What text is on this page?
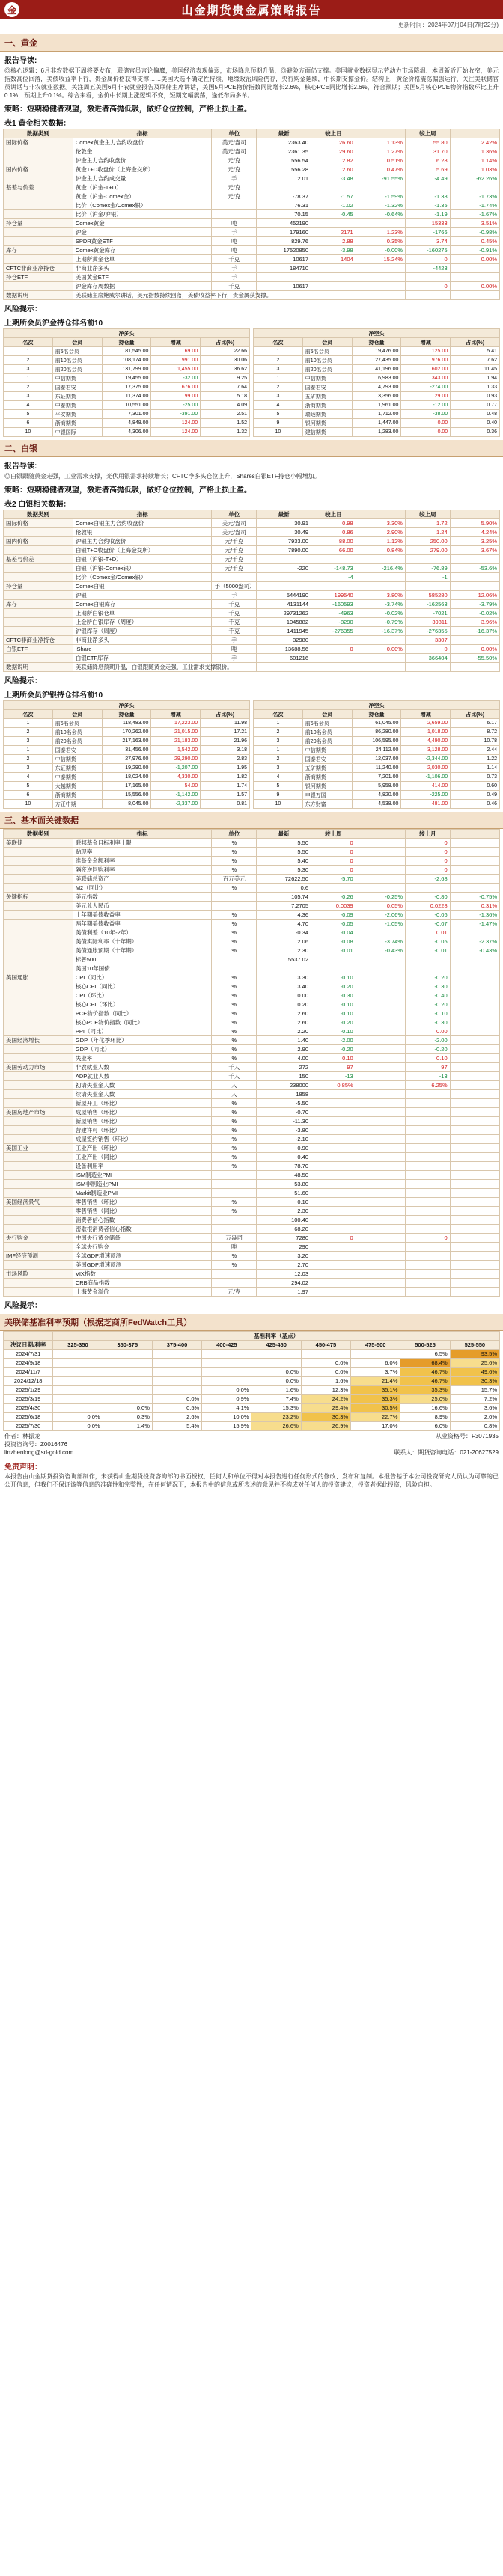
金	山金期货贵金属策略报告
更新时间：2024年07月04日(7时22分)
一、黄金
报告导读:
◎核心逻辑：6月非农数据下周将要发布，联储官员言论偏鹰，美国经济表现偏弱，市场降息预期升温，◎避险方面仍支撑。美国就业数据显示劳动力市场降温、本周新近开始收窄，美元指数高位回落，美债收益率下行，贵金属价格获得支撑……美国大选不确定性持续，地缘政治风险仍存，央行购金延续，中长期支撑金价。结构上，黄金价格震荡偏强运行，关注美联储官员讲话与非农就业数据。关注周五美国6月非农就业报告及联储主席讲话，美国5月PCE物价指数同比增长2.6%，核心PCE同比增长2.6%，符合预期；美国5月核心PCE物价指数环比上升0.1%，预期上升0.1%。综合来看，金价中长期上涨逻辑不变，短期宽幅震荡，逢低布局多单。
策略：短期稳健者观望，激进者高抛低吸，做好仓位控制，严格止损止盈。
表1 黄金相关数据：
数据类别	指标	单位	最新	较上日		较上周	
国际价格	Comex黄金主力合约收盘价	美元/盎司	2363.40	26.60	1.13%	55.80	2.42%
	伦敦金	美元/盎司	2361.35	29.60	1.27%	31.70	1.36%
	沪金主力合约收盘价	元/克	556.54	2.82	0.51%	6.28	1.14%
国内价格	黄金T+D收盘价（上海金交所）	元/克	556.28	2.60	0.47%	5.69	1.03%
	沪金主力合约成交量	手	2.01	-3.48	-91.55%	-4.49	-62.26%
基差与价差	黄金（沪金-T+D）	元/克					
	黄金（沪金-Comex金）	元/克	-78.37	-1.57	-1.59%	-1.38	-1.73%
	比价（Comex金/Comex银）		76.31	-1.02	-1.32%	-1.35	-1.74%
	比价（沪金/沪银）		70.15	-0.45	-0.64%	-1.19	-1.67%
持仓量	Comex黄金	吨	452190			15333	3.51%
	沪金	手	179160	2171	1.23%	-1766	-0.98%
	SPDR黄金ETF	吨	829.76	2.88	0.35%	3.74	0.45%
库存	Comex黄金库存	吨	17520850	-3.98	-0.00%	-160275	-0.91%
	上期所黄金仓单	千克	10617	1404	15.24%	0	0.00%
CFTC非商业净持仓	非商业净多头	手	184710			-4423	
持仓ETF	美国黄金ETF	手					
	沪金库存周数据	千克	10617			0	0.00%
数据说明	美联储主席鲍威尔讲话，美元指数持续回落，美债收益率下行，贵金属获支撑。						
风险提示：
上期所会员沪金持仓排名前10
净多头				
名次	会员	持仓量	增减	占比(%)
1	前5名会员	81,545.00	69.00	22.66
2	前10名会员	108,174.00	991.00	30.06
3	前20名会员	131,799.00	1,455.00	36.62
1	中信期货	19,455.00	-32.00	9.25
2	国泰君安	17,375.00	676.00	7.64
3	东证期货	11,374.00	99.00	5.18
4	中泰期货	10,551.00	-25.00	4.09
5	平安期货	7,301.00	-391.00	2.51
6	浙商期货	4,848.00	124.00	1.52
10	中银国际	4,306.00	124.00	1.32
净空头				
名次	会员	持仓量	增减	占比(%)
1	前5名会员	19,476.00	125.00	5.41
2	前10名会员	27,435.00	976.00	7.62
3	前20名会员	41,196.00	602.00	11.45
1	中信期货	6,983.00	343.00	1.94
2	国泰君安	4,793.00	-274.00	1.33
3	五矿期货	3,356.00	29.00	0.93
4	浙商期货	1,961.00	-12.00	0.77
5	瑞达期货	1,712.00	-38.00	0.48
9	银河期货	1,447.00	0.00	0.40
10	建信期货	1,283.00	0.00	0.36
二、白银
报告导读:
◎白银跟随黄金走强，工业需求支撑，光伏用银需求持续增长；CFTC净多头仓位上升，Shares白银ETF持仓小幅增加。
策略：短期稳健者观望，激进者高抛低吸，做好仓位控制，严格止损止盈。
表2 白银相关数据：
数据类别	指标	单位	最新	较上日		较上周	
国际价格	Comex白银主力合约收盘价	美元/盎司	30.91	0.98	3.30%	1.72	5.90%
	伦敦银	美元/盎司	30.49	0.86	2.90%	1.24	4.24%
国内价格	沪银主力合约收盘价	元/千克	7933.00	88.00	1.12%	250.00	3.25%
	白银T+D收盘价（上海金交所）	元/千克	7890.00	66.00	0.84%	279.00	3.67%
基差与价差	白银（沪银-T+D）	元/千克					
	白银（沪银-Comex银）	元/千克	-220	-148.73	-216.4%	-76.89	-53.6%
	比价（Comex金/Comex银）			-4		-1	
持仓量	Comex白银	手（5000盎司）					
	沪银	手	5444190	199540	3.80%	585280	12.06%
库存	Comex白银库存	千克	4131144	-160593	-3.74%	-162563	-3.79%
	上期所白银仓单	千克	29731262	-4963	-0.02%	-7021	-0.02%
	上金所白银库存（周度）	千克	1045882	-8290	-0.79%	39811	3.96%
	沪银库存（周度）	千克	1411945	-276355	-16.37%	-276355	-16.37%
CFTC非商业净持仓	非商业净多头	手	32980			3307	
白银ETF	iShare	吨	13688.56	0	0.00%	0	0.00%
	白银ETF库存	手	601216			366404	-55.50%
数据说明	美联储降息预期升温，白银跟随黄金走强，工业需求支撑银价。						
风险提示：
上期所会员沪银持仓排名前10
净多头				
名次	会员	持仓量	增减	占比(%)
1	前5名会员	118,483.00	17,223.00	11.98
2	前10名会员	170,262.00	21,015.00	17.21
3	前20名会员	217,163.00	21,183.00	21.96
1	国泰君安	31,456.00	1,542.00	3.18
2	中信期货	27,976.00	29,290.00	2.83
3	东证期货	19,290.00	-1,207.00	1.95
4	中泰期货	18,024.00	4,330.00	1.82
5	大越期货	17,165.00	54.00	1.74
6	浙商期货	15,556.00	-1,142.00	1.57
10	方正中期	8,045.00	-2,337.00	0.81
净空头				
名次	会员	持仓量	增减	占比(%)
1	前5名会员	61,045.00	2,659.00	6.17
2	前10名会员	86,280.00	1,018.00	8.72
3	前20名会员	106,595.00	4,490.00	10.78
1	中信期货	24,112.00	3,128.00	2.44
2	国泰君安	12,037.00	-2,344.00	1.22
3	五矿期货	11,240.00	2,030.00	1.14
4	浙商期货	7,201.00	-1,106.00	0.73
5	银河期货	5,958.00	414.00	0.60
9	申银万国	4,820.00	-225.00	0.49
10	东方财富	4,538.00	481.00	0.46
三、基本面关键数据
数据类别	指标	单位	最新	较上周		较上月	
美联储	联邦基金目标利率上限	%	5.50	0		0	
	贴现率	%	5.50	0		0	
	准备金余额利率	%	5.40	0		0	
	隔夜逆回购利率	%	5.30	0		0	
	美联储总资产	百万美元	72622.50	-5.70		-2.68	
	M2（同比）	%	0.6				
关键指标	美元指数		105.74	-0.26	-0.25%	-0.80	-0.75%
	美元兑人民币		7.2705	0.0039	0.05%	0.0228	0.31%
	十年期美债收益率	%	4.36	-0.09	-2.06%	-0.06	-1.36%
	两年期美债收益率	%	4.70	-0.05	-1.05%	-0.07	-1.47%
	美债利差（10年-2年）	%	-0.34	-0.04		0.01	
	美债实际利率（十年期）	%	2.06	-0.08	-3.74%	-0.05	-2.37%
	美债通胀预期（十年期）	%	2.30	-0.01	-0.43%	-0.01	-0.43%
	标普500		5537.02				
	美国10年国债						
美国通胀	CPI（同比）	%	3.30	-0.10		-0.20	
	核心CPI（同比）	%	3.40	-0.20		-0.30	
	CPI（环比）	%	0.00	-0.30		-0.40	
	核心CPI（环比）	%	0.20	-0.10		-0.20	
	PCE物价指数（同比）	%	2.60	-0.10		-0.10	
	核心PCE物价指数（同比）	%	2.60	-0.20		-0.30	
	PPI（同比）	%	2.20	-0.10		0.00	
美国经济增长	GDP（年化季环比）	%	1.40	-2.00		-2.00	
	GDP（同比）	%	2.90	-0.20		-0.20	
	失业率	%	4.00	0.10		0.10	
美国劳动力市场	非农就业人数	千人	272	97		97	
	ADP就业人数	千人	150	-13		-13	
	初请失业金人数	人	238000	0.85%		6.25%	
	续请失业金人数	人	1858				
	新屋开工（环比）	%	-5.50				
美国房地产市场	成屋销售（环比）	%	-0.70				
	新屋销售（环比）	%	-11.30				
	营建许可（环比）	%	-3.80				
	成屋签约销售（环比）	%	-2.10				
美国工业	工业产出（环比）	%	0.90				
	工业产出（同比）	%	0.40				
	设备利用率	%	78.70				
	ISM制造业PMI		48.50				
	ISM非制造业PMI		53.80				
	Markit制造业PMI		51.60				
美国经济景气	零售销售（环比）	%	0.10				
	零售销售（同比）	%	2.30				
	消费者信心指数		100.40				
	密歇根消费者信心指数		68.20				
央行购金	中国央行黄金储备	万盎司	7280	0		0	
	全球央行购金	吨	290				
IMF经济预测	全球GDP增速预测	%	3.20				
	美国GDP增速预测	%	2.70				
市场风险	VIX指数		12.03				
	CRB商品指数		294.02				
	上海黄金溢价	元/克	1.97				
风险提示：
美联储基准利率预期（根据芝商所FedWatch工具）
	基准利率（基点）								
决议日期/利率	325-350	350-375	375-400	400-425	425-450	450-475	475-500	500-525	525-550
2024/7/31								6.5%	93.5%
2024/9/18						0.0%	6.0%	68.4%	25.6%
2024/11/7					0.0%	0.0%	3.7%	46.7%	49.6%
2024/12/18					0.0%	1.6%	21.4%	46.7%	30.3%
2025/1/29				0.0%	1.6%	12.3%	35.1%	35.3%	15.7%
2025/3/19			0.0%	0.9%	7.4%	24.2%	35.3%	25.0%	7.2%
2025/4/30		0.0%	0.5%	4.1%	15.3%	29.4%	30.5%	16.6%	3.6%
2025/6/18	0.0%	0.3%	2.6%	10.0%	23.2%	30.3%	22.7%	8.9%	2.0%
2025/7/30	0.0%	1.4%	5.4%	15.9%	26.6%	26.9%	17.0%	6.0%	0.8%
作者：林振龙	从业资格号：F3071935
投资咨询号：Z0016476
linzhenlong@sd-gold.com	联系人：期货咨询电话：021-20627529
免责声明：
本报告由山金期货投资咨询部制作，未获得山金期货投资咨询部的书面授权，任何人和单位不得对本报告进行任何形式的修改、发布和复制。本报告基于本公司投资研究人员认为可靠的已公开信息，但我们不保证该等信息的准确性和完整性，在任何情况下，本报告中的信息或所表述的意见并不构成对任何人的投资建议，投资者据此投资，风险自担。
